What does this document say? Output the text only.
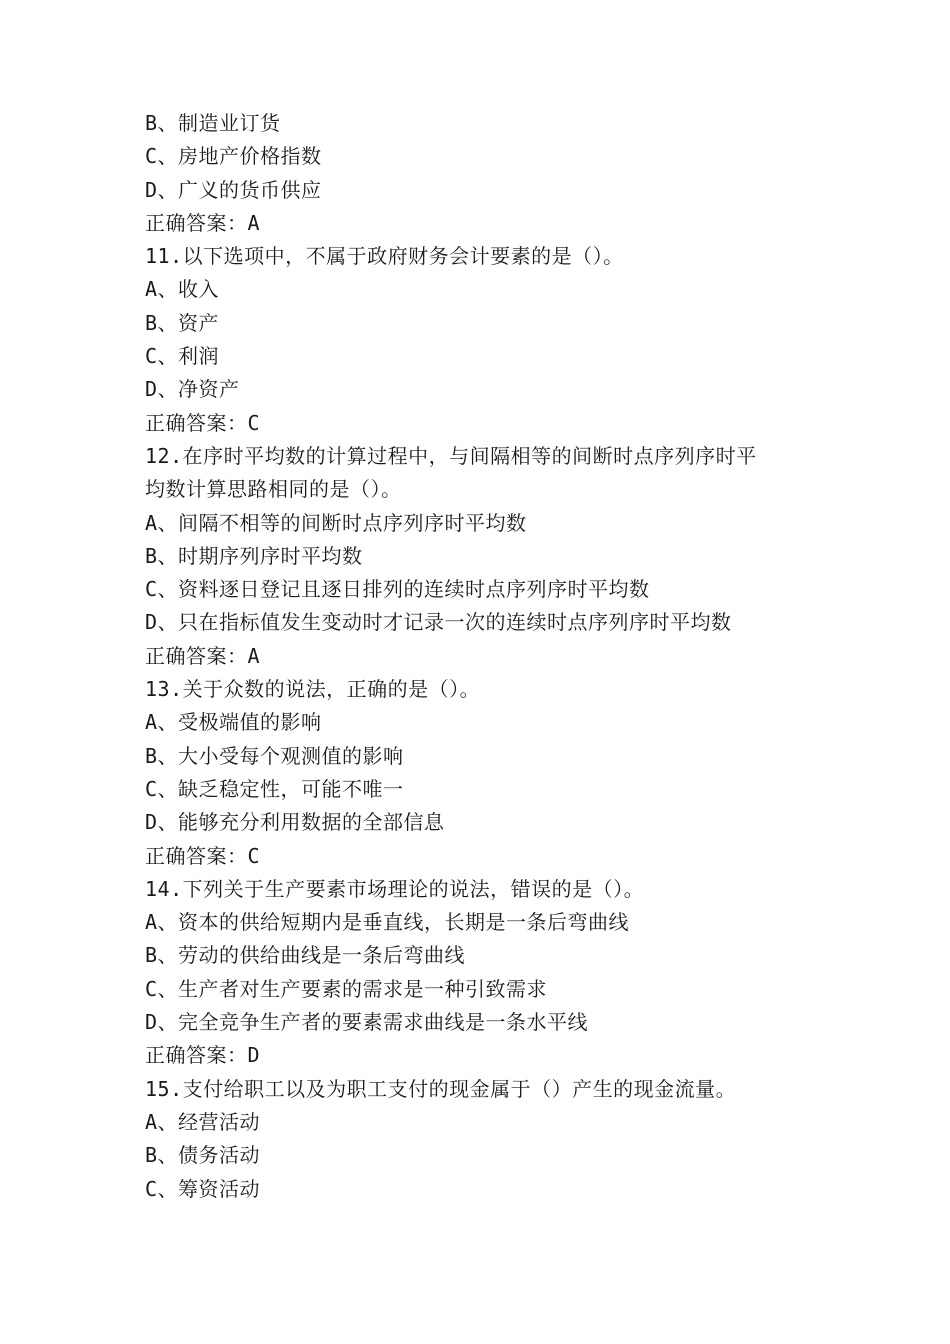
B、制造业订货
C、房地产价格指数
D、广义的货币供应
正确答案：A
11.以下选项中，不属于政府财务会计要素的是（）。
A、收入
B、资产
C、利润
D、净资产
正确答案：C
12.在序时平均数的计算过程中，与间隔相等的间断时点序列序时平
均数计算思路相同的是（）。
A、间隔不相等的间断时点序列序时平均数
B、时期序列序时平均数
C、资料逐日登记且逐日排列的连续时点序列序时平均数
D、只在指标值发生变动时才记录一次的连续时点序列序时平均数
正确答案：A
13.关于众数的说法，正确的是（）。
A、受极端值的影响
B、大小受每个观测值的影响
C、缺乏稳定性，可能不唯一
D、能够充分利用数据的全部信息
正确答案：C
14.下列关于生产要素市场理论的说法，错误的是（）。
A、资本的供给短期内是垂直线，长期是一条后弯曲线
B、劳动的供给曲线是一条后弯曲线
C、生产者对生产要素的需求是一种引致需求
D、完全竞争生产者的要素需求曲线是一条水平线
正确答案：D
15.支付给职工以及为职工支付的现金属于（）产生的现金流量。
A、经营活动
B、债务活动
C、筹资活动
